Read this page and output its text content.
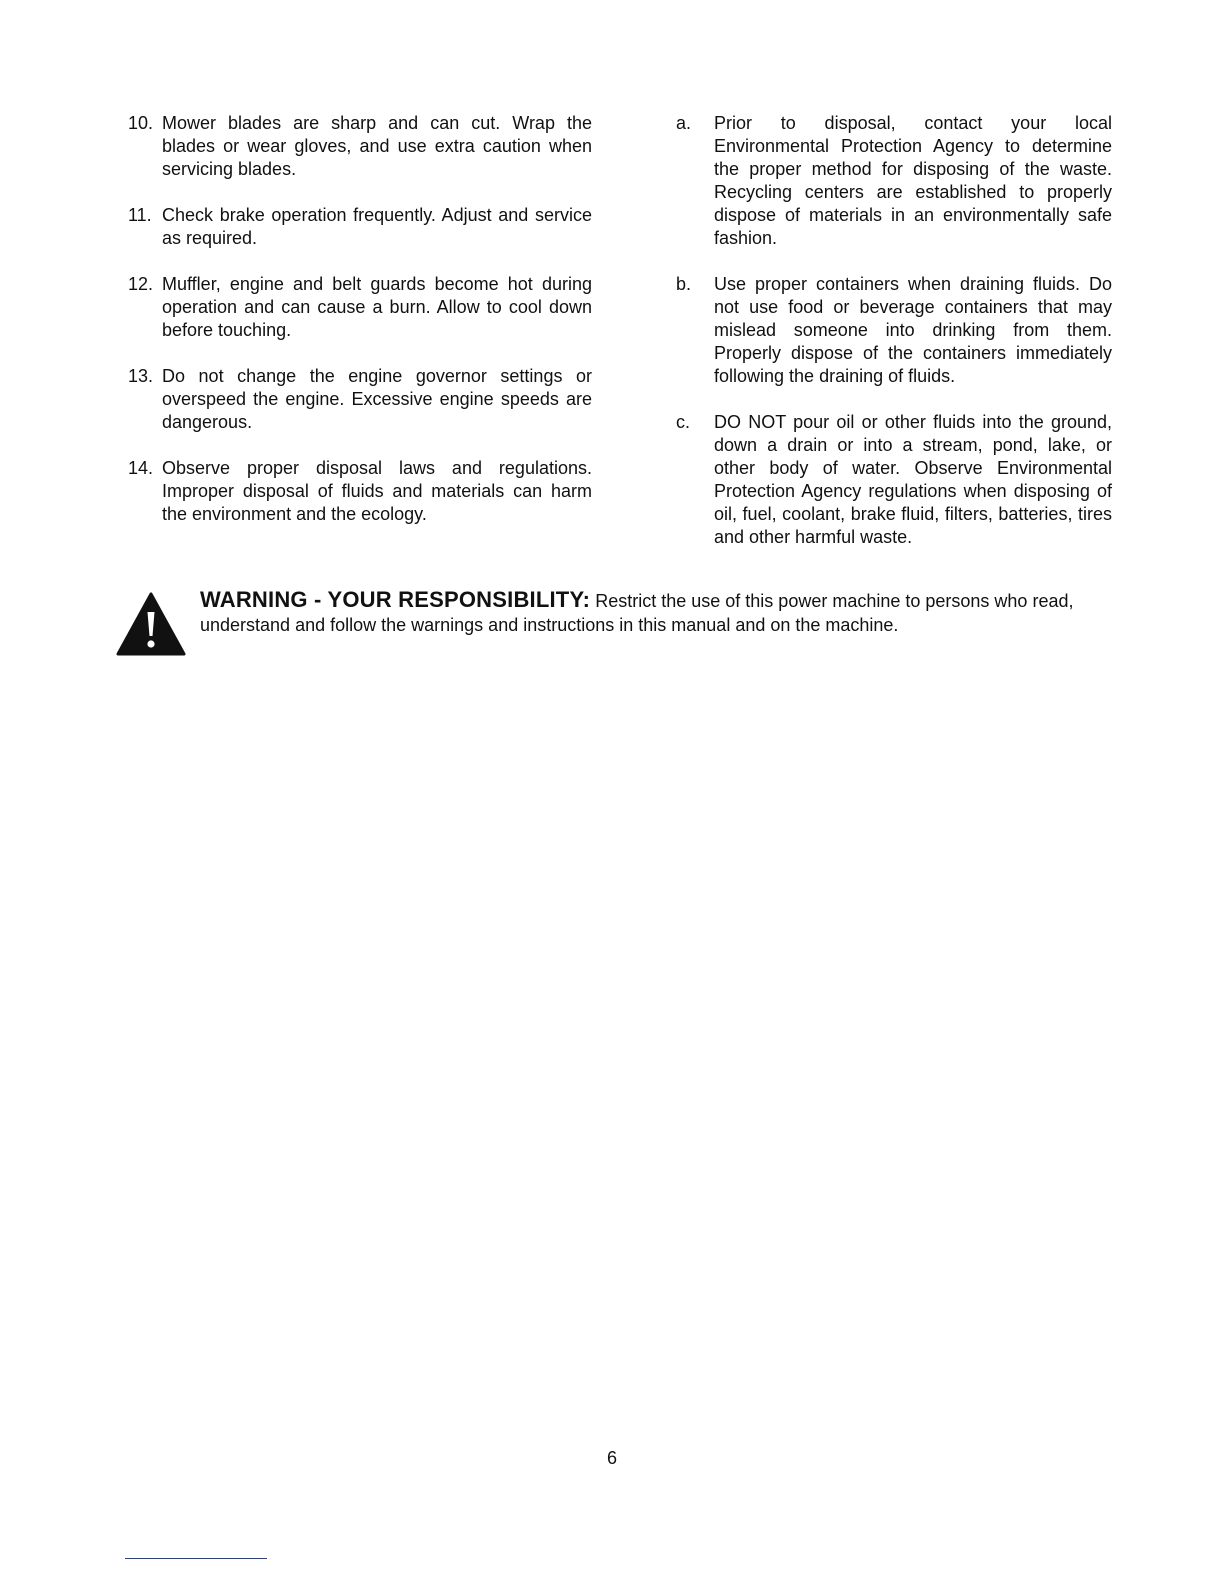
10. Mower blades are sharp and can cut. Wrap the blades or wear gloves, and use extra caution when servicing blades.
11. Check brake operation frequently. Adjust and service as required.
12. Muffler, engine and belt guards become hot during operation and can cause a burn. Allow to cool down before touching.
13. Do not change the engine governor settings or overspeed the engine. Excessive engine speeds are dangerous.
14. Observe proper disposal laws and regulations. Improper disposal of fluids and materials can harm the environment and the ecology.
a.	Prior to disposal, contact your local Environmental Protection Agency to determine the proper method for disposing of the waste. Recycling centers are established to properly dispose of materials in an environmentally safe fashion.
b.	Use proper containers when draining fluids. Do not use food or beverage containers that may mislead someone into drinking from them. Properly dispose of the containers immediately following the draining of fluids.
c.	DO NOT pour oil or other fluids into the ground, down a drain or into a stream, pond, lake, or other body of water. Observe Environmental Protection Agency regulations when disposing of oil, fuel, coolant, brake fluid, filters, batteries, tires and other harmful waste.
WARNING - YOUR RESPONSIBILITY: Restrict the use of this power machine to persons who read, understand and follow the warnings and instructions in this manual and on the machine.
6
